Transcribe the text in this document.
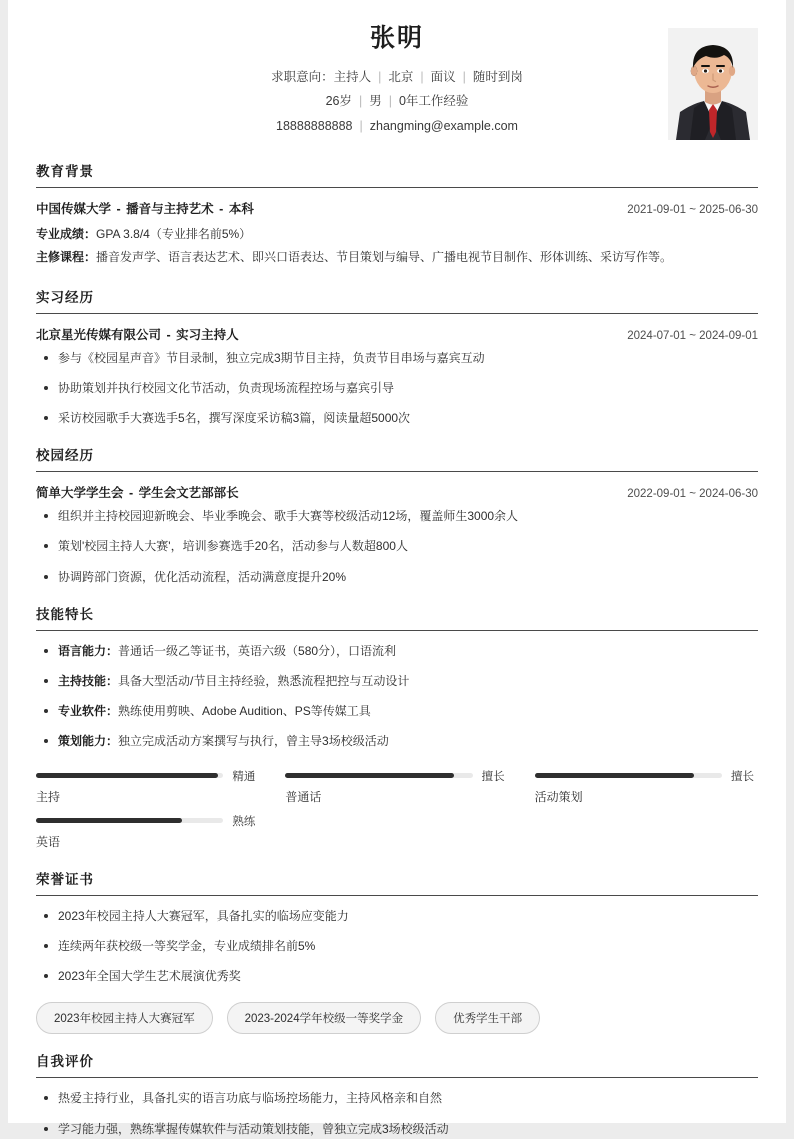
张明
求职意向：主持人 | 北京 | 面议 | 随时到岗
26岁 | 男 | 0年工作经验
18888888888 | zhangming@example.com
教育背景
中国传媒大学 - 播音与主持艺术 - 本科	2021-09-01 ~ 2025-06-30
专业成绩：GPA 3.8/4（专业排名前5%）
主修课程：播音发声学、语言表达艺术、即兴口语表达、节目策划与编导、广播电视节目制作、形体训练、采访写作等。
实习经历
北京星光传媒有限公司 - 实习主持人	2024-07-01 ~ 2024-09-01
参与《校园星声音》节目录制，独立完成3期节目主持，负责节目串场与嘉宾互动
协助策划并执行校园文化节活动，负责现场流程控场与嘉宾引导
采访校园歌手大赛选手5名，撰写深度采访稿3篇，阅读量超5000次
校园经历
简单大学学生会 - 学生会文艺部部长	2022-09-01 ~ 2024-06-30
组织并主持校园迎新晚会、毕业季晚会、歌手大赛等校级活动12场，覆盖师生3000余人
策划'校园主持人大赛'，培训参赛选手20名，活动参与人数超800人
协调跨部门资源，优化活动流程，活动满意度提升20%
技能特长
语言能力：普通话一级乙等证书，英语六级（580分），口语流利
主持技能：具备大型活动/节目主持经验，熟悉流程把控与互动设计
专业软件：熟练使用剪映、Adobe Audition、PS等传媒工具
策划能力：独立完成活动方案撰写与执行，曾主导3场校级活动
精通
主持
擅长
普通话
擅长
活动策划
熟练
英语
荣誉证书
2023年校园主持人大赛冠军，具备扎实的临场应变能力
连续两年获校级一等奖学金，专业成绩排名前5%
2023年全国大学生艺术展演优秀奖
2023年校园主持人大赛冠军	2023-2024学年校级一等奖学金	优秀学生干部
自我评价
热爱主持行业，具备扎实的语言功底与临场控场能力，主持风格亲和自然
学习能力强，熟练掌握传媒软件与活动策划技能，曾独立完成3场校级活动
